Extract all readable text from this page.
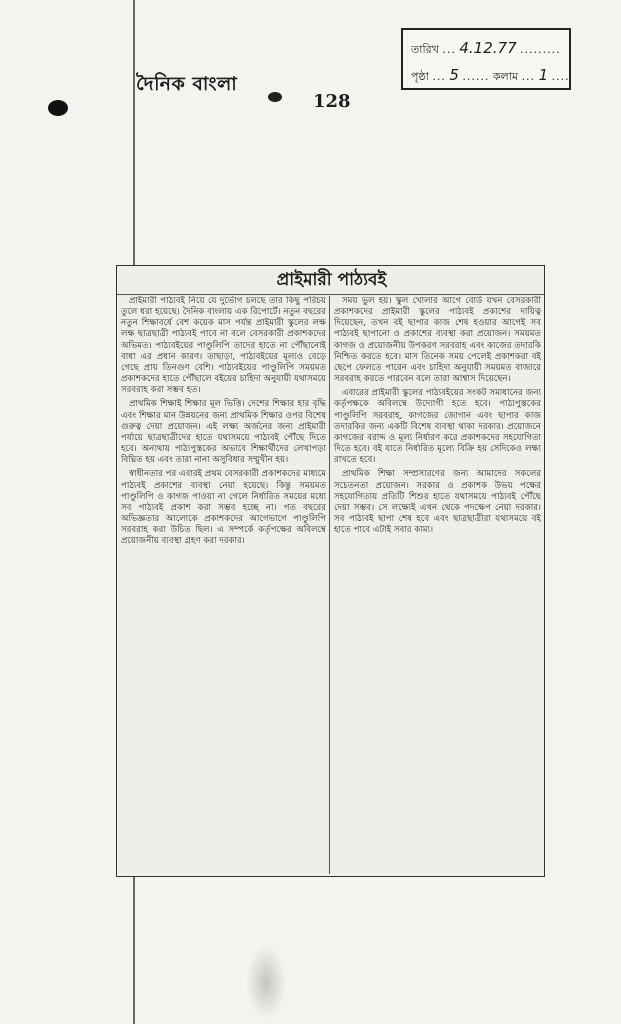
দৈনিক বাংলা
128
তারিখ ... 4.12.77 .........
পৃষ্ঠা ... 5 ...... কলাম ... 1 ....
প্রাইমারী পাঠ্যবই

প্রাইমারী পাঠ্যবই নিয়ে যে দুর্ভোগ চলছে তার কিছু পরিচয় তুলে ধরা হয়েছে। দৈনিক বাংলায় এক রিপোর্টে। নতুন বছরের নতুন শিক্ষাবর্ষে বেশ কয়েক মাস পর্যন্ত প্রাইমারী স্কুলের লক্ষ লক্ষ ছাত্রছাত্রী পাঠ্যবই পাবে না বলে বেসরকারী প্রকাশকদের অভিমত। পাঠ্যবইয়ের পাণ্ডুলিপি তাদের হাতে না পৌঁছানোই বাধা এর প্রধান কারণ। তাছাড়া, পাঠ্যবইয়ের মূল্যও বেড়ে গেছে প্রায় তিনগুণ বেশি। পাঠ্যবইয়ের পাণ্ডুলিপি সময়মত প্রকাশকদের হাতে পৌঁছালে বইয়ের চাহিদা অনুযায়ী যথাসময়ে সরবরাহ করা সম্ভব হত।

প্রাথমিক শিক্ষাই শিক্ষার মূল ভিত্তি। দেশের শিক্ষার হার বৃদ্ধি এবং শিক্ষার মান উন্নয়নের জন্য প্রাথমিক শিক্ষার ওপর বিশেষ গুরুত্ব দেয়া প্রয়োজন। এই লক্ষ্য অর্জনের জন্য প্রাইমারী পর্যায়ে ছাত্রছাত্রীদের হাতে যথাসময়ে পাঠ্যবই পৌঁছে দিতে হবে। অন্যথায় পাঠ্যপুস্তকের অভাবে শিক্ষার্থীদের লেখাপড়া বিঘ্নিত হয় এবং তারা নানা অসুবিধার সম্মুখীন হয়।

স্বাধীনতার পর এবারই প্রথম বেসরকারী প্রকাশকদের মাধ্যমে পাঠ্যবই প্রকাশের ব্যবস্থা নেয়া হয়েছে। কিন্তু সময়মত পাণ্ডুলিপি ও কাগজ পাওয়া না গেলে নির্ধারিত সময়ের মধ্যে সব পাঠ্যবই প্রকাশ করা সম্ভব হচ্ছে না। গত বছরের অভিজ্ঞতার আলোকে প্রকাশকদের আগেভাগে পাণ্ডুলিপি সরবরাহ করা উচিত ছিল। এ সম্পর্কে কর্তৃপক্ষের অবিলম্বে প্রয়োজনীয় ব্যবস্থা গ্রহণ করা দরকার।

সময় ভুল হয়। স্কুল খোলার আগে বোর্ড যখন বেসরকারী প্রকাশকদের প্রাইমারী স্কুলের পাঠ্যবই প্রকাশের দায়িত্ব দিয়েছেন, তখন বই ছাপার কাজ শেষ হওয়ার আগেই সব পাঠ্যবই ছাপানো ও প্রকাশের ব্যবস্থা করা প্রয়োজন। সময়মত কাগজ ও প্রয়োজনীয় উপকরণ সরবরাহ এবং কাজের তদারকি নিশ্চিত করতে হবে। মাস তিনেক সময় পেলেই প্রকাশকরা বই ছেপে ফেলতে পারেন এবং চাহিদা অনুযায়ী সময়মত বাজারে সরবরাহ করতে পারবেন বলে তারা আশ্বাস দিয়েছেন।

এবারের প্রাইমারী স্কুলের পাঠ্যবইয়ের সংকট সমাধানের জন্য কর্তৃপক্ষকে অবিলম্বে উদ্যোগী হতে হবে। পাঠ্যপুস্তকের পাণ্ডুলিপি সরবরাহ, কাগজের জোগান এবং ছাপার কাজ তদারকির জন্য একটি বিশেষ ব্যবস্থা থাকা দরকার। প্রয়োজনে কাগজের বরাদ্দ ও মূল্য নির্ধারণ করে প্রকাশকদের সহযোগিতা দিতে হবে। বই যাতে নির্ধারিত মূল্যে বিক্রি হয় সেদিকেও লক্ষ্য রাখতে হবে।

প্রাথমিক শিক্ষা সম্প্রসারণের জন্য আমাদের সকলের সচেতনতা প্রয়োজন। সরকার ও প্রকাশক উভয় পক্ষের সহযোগিতায় প্রতিটি শিশুর হাতে যথাসময়ে পাঠ্যবই পৌঁছে দেয়া সম্ভব। সে লক্ষ্যেই এখন থেকে পদক্ষেপ নেয়া দরকার। সব পাঠ্যবই ছাপা শেষ হবে এবং ছাত্রছাত্রীরা যথাসময়ে বই হাতে পাবে এটাই সবার কাম্য।
